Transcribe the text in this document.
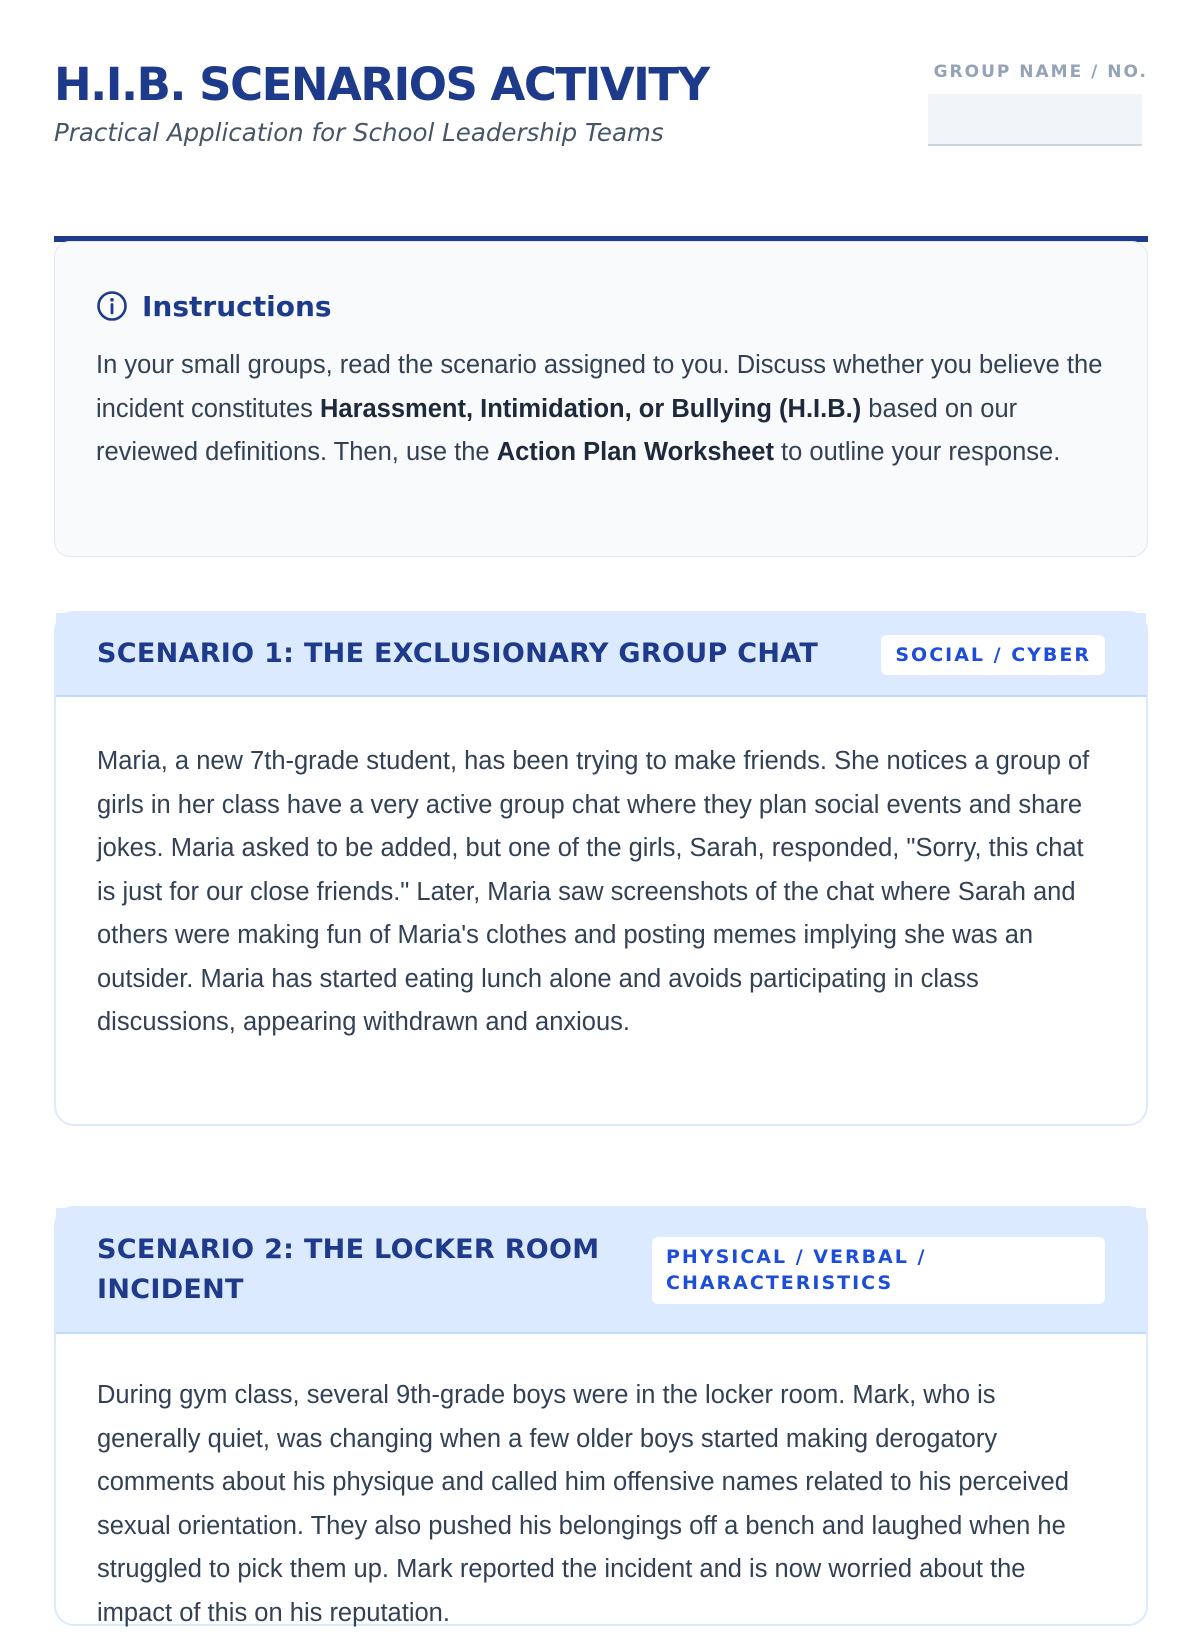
H.I.B. SCENARIOS ACTIVITY
Practical Application for School Leadership Teams
GROUP NAME / NO.
Instructions

In your small groups, read the scenario assigned to you. Discuss whether you believe the incident constitutes Harassment, Intimidation, or Bullying (H.I.B.) based on our reviewed definitions. Then, use the Action Plan Worksheet to outline your response.

SCENARIO 1: THE EXCLUSIONARY GROUP CHAT	SOCIAL / CYBER

Maria, a new 7th-grade student, has been trying to make friends. She notices a group of girls in her class have a very active group chat where they plan social events and share jokes. Maria asked to be added, but one of the girls, Sarah, responded, "Sorry, this chat is just for our close friends." Later, Maria saw screenshots of the chat where Sarah and others were making fun of Maria's clothes and posting memes implying she was an outsider. Maria has started eating lunch alone and avoids participating in class discussions, appearing withdrawn and anxious.

SCENARIO 2: THE LOCKER ROOM INCIDENT
PHYSICAL / VERBAL / CHARACTERISTICS

During gym class, several 9th-grade boys were in the locker room. Mark, who is generally quiet, was changing when a few older boys started making derogatory comments about his physique and called him offensive names related to his perceived sexual orientation. They also pushed his belongings off a bench and laughed when he struggled to pick them up. Mark reported the incident and is now worried about the impact of this on his reputation.
